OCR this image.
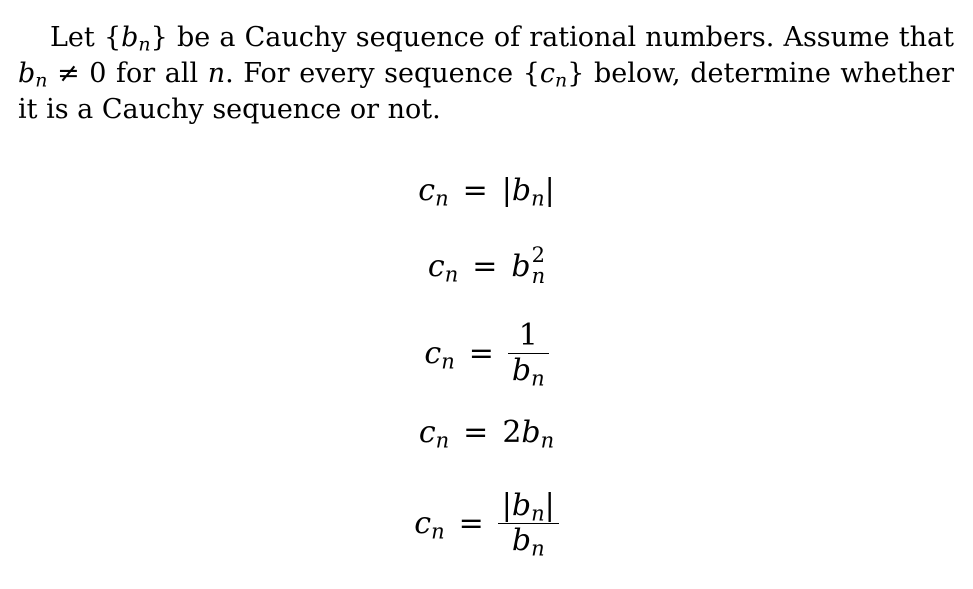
Let $\{b_n\}$ be a Cauchy sequence of rational numbers. Assume that $b_n \ne 0$ for all n. For every sequence $\{c_n\}$ below, determine whether it is a Cauchy sequence or not.
$c_n = |b_n|$
$c_n = b$ 2
n
$c_n = \frac{1}{b_n}$
$c_n = 2b_n$
$c_n = \frac{|b_n|}{b_n}$
